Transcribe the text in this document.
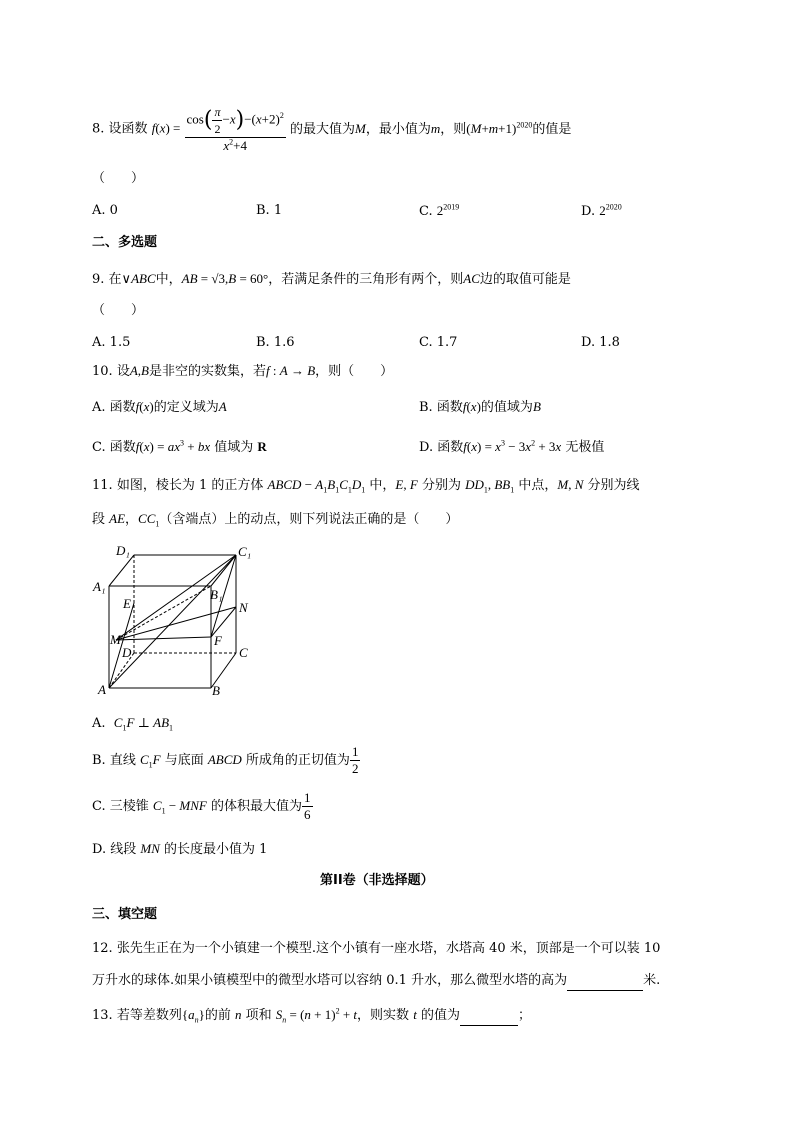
8. 设函数 $f(x) = \frac{\cos( \frac{\pi}{2} -x)-(x+2)^2}{x^2+4}$ 的最大值为M，最小值为m，则$(M+m+1)^{2020}$的值是
（　　）
A. 0	B. 1	C. $2^{2019}$	D. $2^{2020}$
二、多选题
9. 在∨ABC中，AB = √3,B = 60°，若满足条件的三角形有两个，则AC边的取值可能是
（　　）
A. 1.5	B. 1.6	C. 1.7	D. 1.8
10. 设A,B是非空的实数集，若f : A → B，则（　　）
A. 函数f(x)的定义域为A	B. 函数f(x)的值域为B
C. 函数$f(x) = ax^3$ + bx 值域为 R	D. 函数$f(x) = x^3 - 3x^2 + 3x$ 无极值
11. 如图，棱长为 1 的正方体 ABCD − $A_1B_1C_1D_1$ 中，E, F 分别为 $DD_1$, $BB_1$ 中点，M, N 分别为线
段 AE，$CC_1$（含端点）上的动点，则下列说法正确的是（　　）
D₁	C₁
A₁
B₁
E	N
M	F
D	C
A	B
A. $C_1F$ ⊥ $AB_1$
B. 直线 $C_1F$ 与底面 ABCD 所成角的正切值为 $\frac{1}{2}$
C. 三棱锥 $C_1$ − MNF 的体积最大值为 $\frac{1}{6}$
D. 线段 MN 的长度最小值为 1
第II卷（非选择题）
三、填空题
12. 张先生正在为一个小镇建一个模型.这个小镇有一座水塔，水塔高 40 米，顶部是一个可以装 10
万升水的球体.如果小镇模型中的微型水塔可以容纳 0.1 升水，那么微型水塔的高为	米.
13. 若等差数列$\{a_n\}$的前 n 项和 $S_n = (n + 1)^2 + t$，则实数 t 的值为	；
